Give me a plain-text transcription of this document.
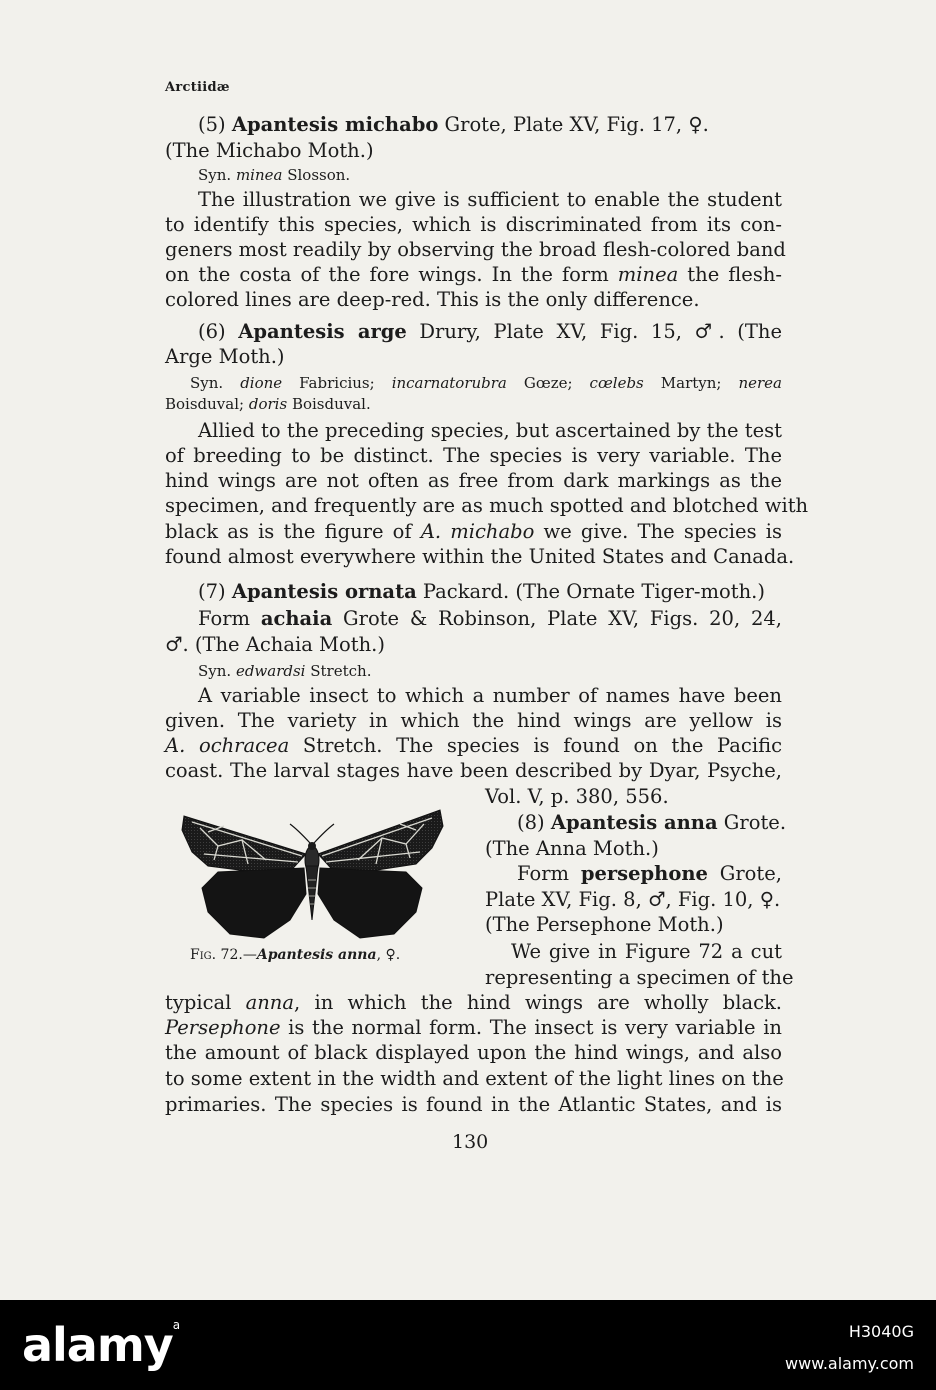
Arctiidæ
(5) Apantesis michabo Grote, Plate XV, Fig. 17, ♀.
(The Michabo Moth.)
Syn. minea Slosson.
The illustration we give is sufficient to enable the student
to identify this species, which is discriminated from its con-
geners most readily by observing the broad flesh-colored band
on the costa of the fore wings. In the form minea the flesh-
colored lines are deep-red. This is the only difference.
(6) Apantesis arge Drury, Plate XV, Fig. 15, ♂. (The
Arge Moth.)
Syn. dione Fabricius; incarnatorubra Gœze; cœlebs Martyn; nerea
Boisduval; doris Boisduval.
Allied to the preceding species, but ascertained by the test
of breeding to be distinct. The species is very variable. The
hind wings are not often as free from dark markings as the
specimen, and frequently are as much spotted and blotched with
black as is the figure of A. michabo we give. The species is
found almost everywhere within the United States and Canada.
(7) Apantesis ornata Packard. (The Ornate Tiger-moth.)
Form achaia Grote & Robinson, Plate XV, Figs. 20, 24,
♂. (The Achaia Moth.)
Syn. edwardsi Stretch.
A variable insect to which a number of names have been
given. The variety in which the hind wings are yellow is
A. ochracea Stretch. The species is found on the Pacific
coast. The larval stages have been described by Dyar, Psyche,
Vol. V, p. 380, 556.
Fig. 72.—Apantesis anna, ♀.
(8) Apantesis anna Grote.
(The Anna Moth.)
Form persephone Grote,
Plate XV, Fig. 8, ♂, Fig. 10, ♀.
(The Persephone Moth.)
We give in Figure 72 a cut
representing a specimen of the
typical anna, in which the hind wings are wholly black.
Persephone is the normal form. The insect is very variable in
the amount of black displayed upon the hind wings, and also
to some extent in the width and extent of the light lines on the
primaries. The species is found in the Atlantic States, and is
130
alamy$^a$	H3040G
www.alamy.com
